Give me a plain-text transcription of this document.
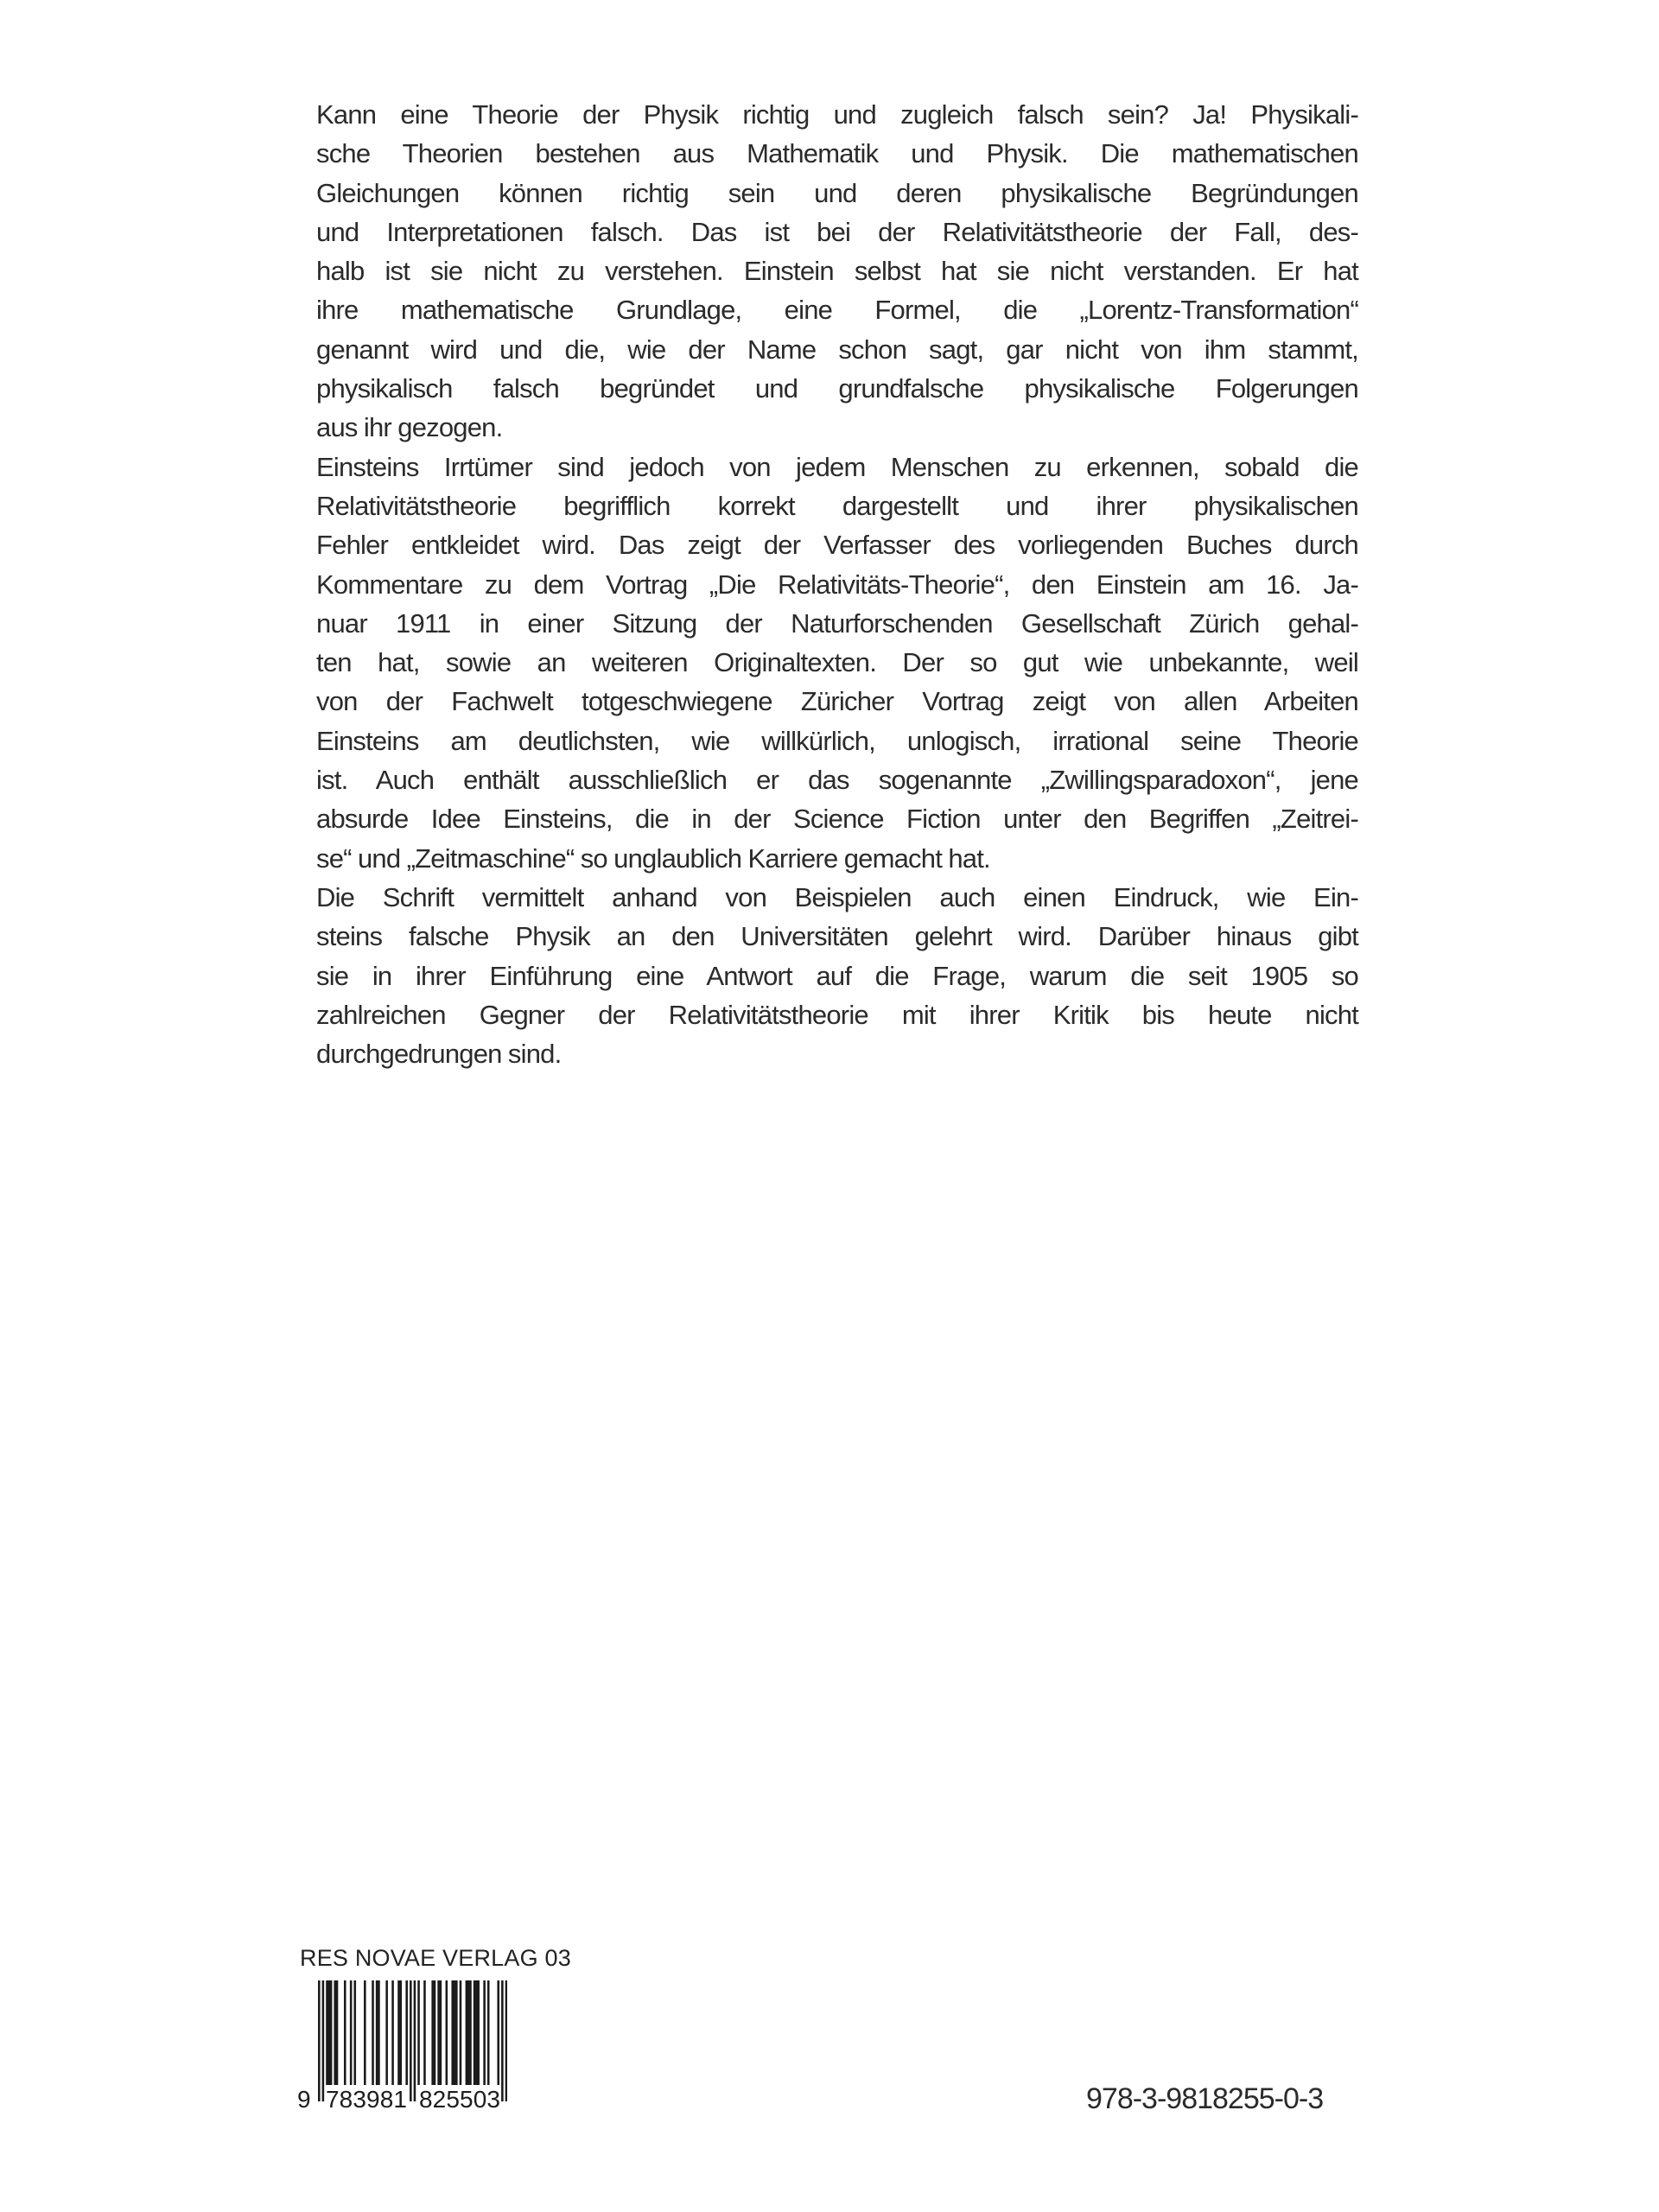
Kann eine Theorie der Physik richtig und zugleich falsch sein? Ja! Physikali-
sche Theorien bestehen aus Mathematik und Physik. Die mathematischen
Gleichungen können richtig sein und deren physikalische Begründungen
und Interpretationen falsch. Das ist bei der Relativitätstheorie der Fall, des-
halb ist sie nicht zu verstehen. Einstein selbst hat sie nicht verstanden. Er hat
ihre mathematische Grundlage, eine Formel, die „Lorentz-Transformation“
genannt wird und die, wie der Name schon sagt, gar nicht von ihm stammt,
physikalisch falsch begründet und grundfalsche physikalische Folgerungen
aus ihr gezogen.
Einsteins Irrtümer sind jedoch von jedem Menschen zu erkennen, sobald die
Relativitätstheorie begrifflich korrekt dargestellt und ihrer physikalischen
Fehler entkleidet wird. Das zeigt der Verfasser des vorliegenden Buches durch
Kommentare zu dem Vortrag „Die Relativitäts-Theorie“, den Einstein am 16. Ja-
nuar 1911 in einer Sitzung der Naturforschenden Gesellschaft Zürich gehal-
ten hat, sowie an weiteren Originaltexten. Der so gut wie unbekannte, weil
von der Fachwelt totgeschwiegene Züricher Vortrag zeigt von allen Arbeiten
Einsteins am deutlichsten, wie willkürlich, unlogisch, irrational seine Theorie
ist. Auch enthält ausschließlich er das sogenannte „Zwillingsparadoxon“, jene
absurde Idee Einsteins, die in der Science Fiction unter den Begriffen „Zeitrei-
se“ und „Zeitmaschine“ so unglaublich Karriere gemacht hat.
Die Schrift vermittelt anhand von Beispielen auch einen Eindruck, wie Ein-
steins falsche Physik an den Universitäten gelehrt wird. Darüber hinaus gibt
sie in ihrer Einführung eine Antwort auf die Frage, warum die seit 1905 so
zahlreichen Gegner der Relativitätstheorie mit ihrer Kritik bis heute nicht
durchgedrungen sind.
RES NOVAE VERLAG 03
9 7 8 3 9 8 1 8 2 5 5 0 3	978-3-9818255-0-3
